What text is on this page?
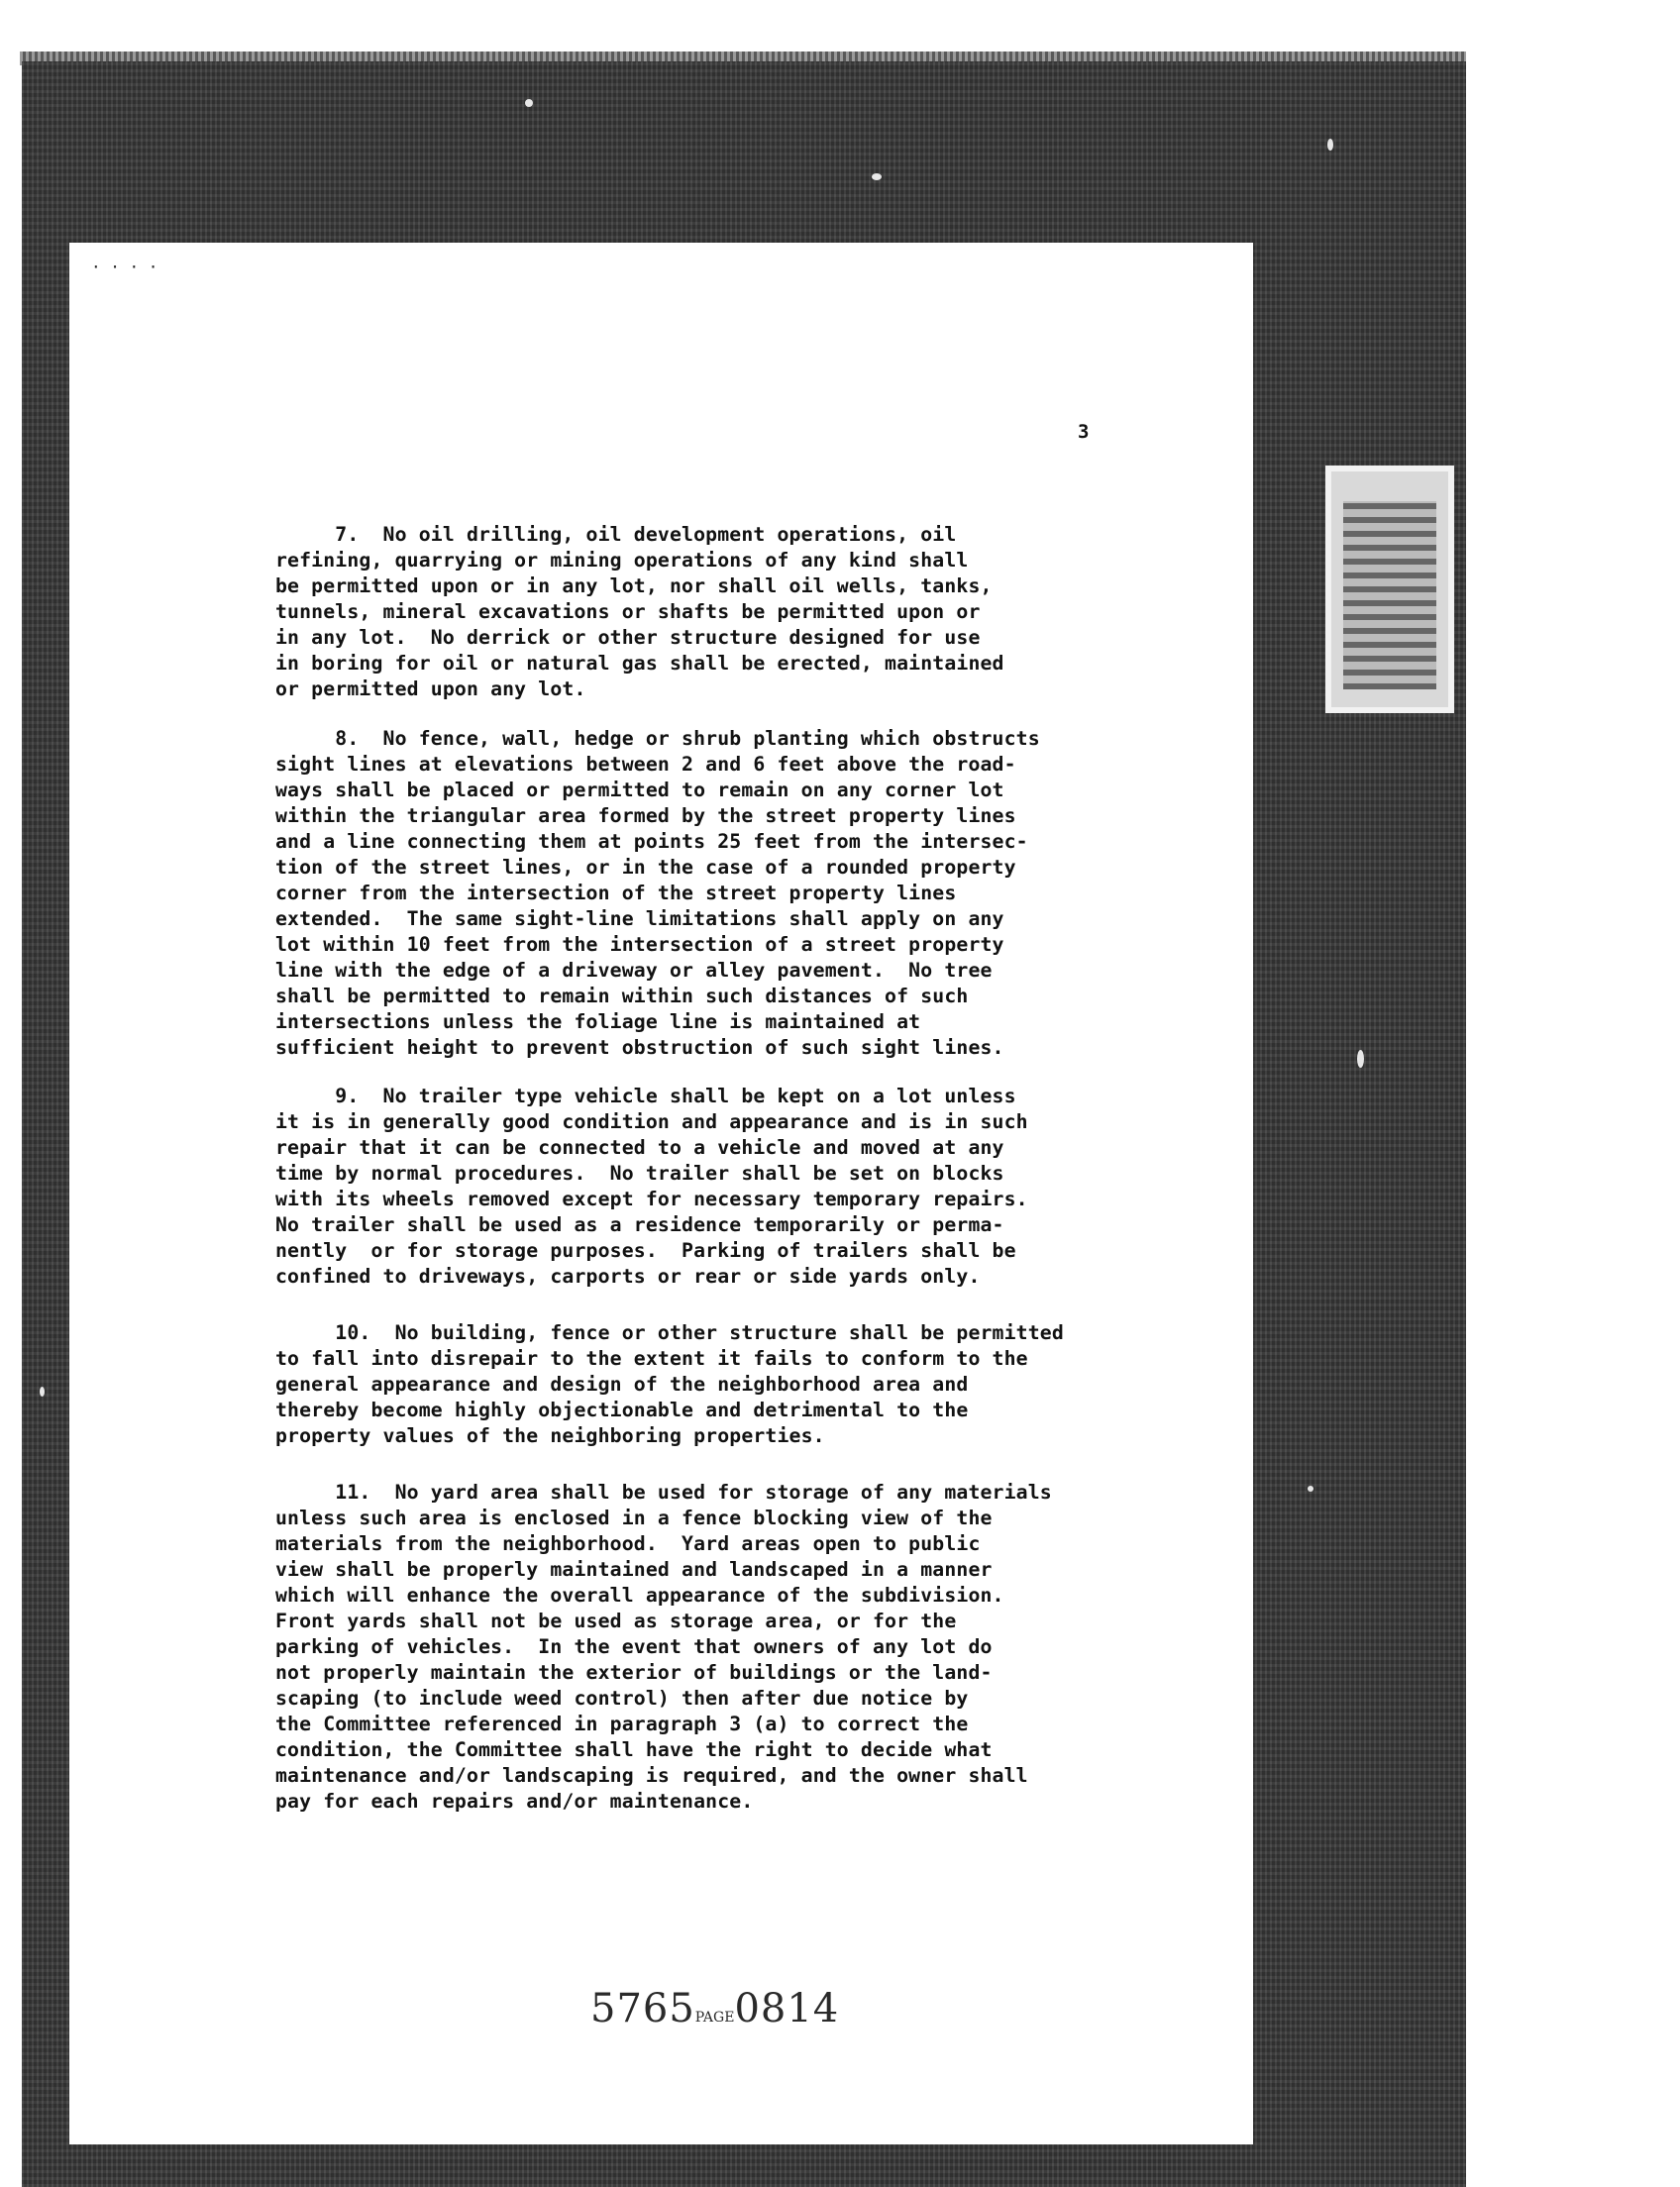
· · · ·
3
7.  No oil drilling, oil development operations, oil
refining, quarrying or mining operations of any kind shall
be permitted upon or in any lot, nor shall oil wells, tanks,
tunnels, mineral excavations or shafts be permitted upon or
in any lot.  No derrick or other structure designed for use
in boring for oil or natural gas shall be erected, maintained
or permitted upon any lot.
8.  No fence, wall, hedge or shrub planting which obstructs
sight lines at elevations between 2 and 6 feet above the road-
ways shall be placed or permitted to remain on any corner lot
within the triangular area formed by the street property lines
and a line connecting them at points 25 feet from the intersec-
tion of the street lines, or in the case of a rounded property
corner from the intersection of the street property lines
extended.  The same sight-line limitations shall apply on any
lot within 10 feet from the intersection of a street property
line with the edge of a driveway or alley pavement.  No tree
shall be permitted to remain within such distances of such
intersections unless the foliage line is maintained at
sufficient height to prevent obstruction of such sight lines.
9.  No trailer type vehicle shall be kept on a lot unless
it is in generally good condition and appearance and is in such
repair that it can be connected to a vehicle and moved at any
time by normal procedures.  No trailer shall be set on blocks
with its wheels removed except for necessary temporary repairs.
No trailer shall be used as a residence temporarily or perma-
nently  or for storage purposes.  Parking of trailers shall be
confined to driveways, carports or rear or side yards only.
10.  No building, fence or other structure shall be permitted
to fall into disrepair to the extent it fails to conform to the
general appearance and design of the neighborhood area and
thereby become highly objectionable and detrimental to the
property values of the neighboring properties.
11.  No yard area shall be used for storage of any materials
unless such area is enclosed in a fence blocking view of the
materials from the neighborhood.  Yard areas open to public
view shall be properly maintained and landscaped in a manner
which will enhance the overall appearance of the subdivision.
Front yards shall not be used as storage area, or for the
parking of vehicles.  In the event that owners of any lot do
not properly maintain the exterior of buildings or the land-
scaping (to include weed control) then after due notice by
the Committee referenced in paragraph 3 (a) to correct the
condition, the Committee shall have the right to decide what
maintenance and/or landscaping is required, and the owner shall
pay for each repairs and/or maintenance.
5765PAGE0814
